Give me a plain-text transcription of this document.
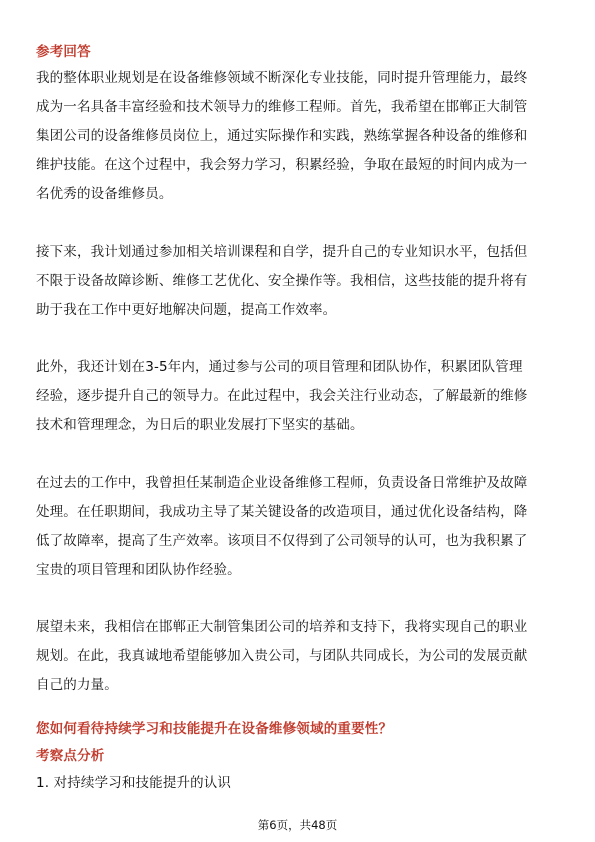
参考回答
我的整体职业规划是在设备维修领域不断深化专业技能，同时提升管理能力，最终
成为一名具备丰富经验和技术领导力的维修工程师。首先，我希望在邯郸正大制管
集团公司的设备维修员岗位上，通过实际操作和实践，熟练掌握各种设备的维修和
维护技能。在这个过程中，我会努力学习，积累经验，争取在最短的时间内成为一
名优秀的设备维修员。
接下来，我计划通过参加相关培训课程和自学，提升自己的专业知识水平，包括但
不限于设备故障诊断、维修工艺优化、安全操作等。我相信，这些技能的提升将有
助于我在工作中更好地解决问题，提高工作效率。
此外，我还计划在3-5年内，通过参与公司的项目管理和团队协作，积累团队管理
经验，逐步提升自己的领导力。在此过程中，我会关注行业动态，了解最新的维修
技术和管理理念，为日后的职业发展打下坚实的基础。
在过去的工作中，我曾担任某制造企业设备维修工程师，负责设备日常维护及故障
处理。在任职期间，我成功主导了某关键设备的改造项目，通过优化设备结构，降
低了故障率，提高了生产效率。该项目不仅得到了公司领导的认可，也为我积累了
宝贵的项目管理和团队协作经验。
展望未来，我相信在邯郸正大制管集团公司的培养和支持下，我将实现自己的职业
规划。在此，我真诚地希望能够加入贵公司，与团队共同成长，为公司的发展贡献
自己的力量。
您如何看待持续学习和技能提升在设备维修领域的重要性？
考察点分析
1. 对持续学习和技能提升的认识
第6页，共48页
